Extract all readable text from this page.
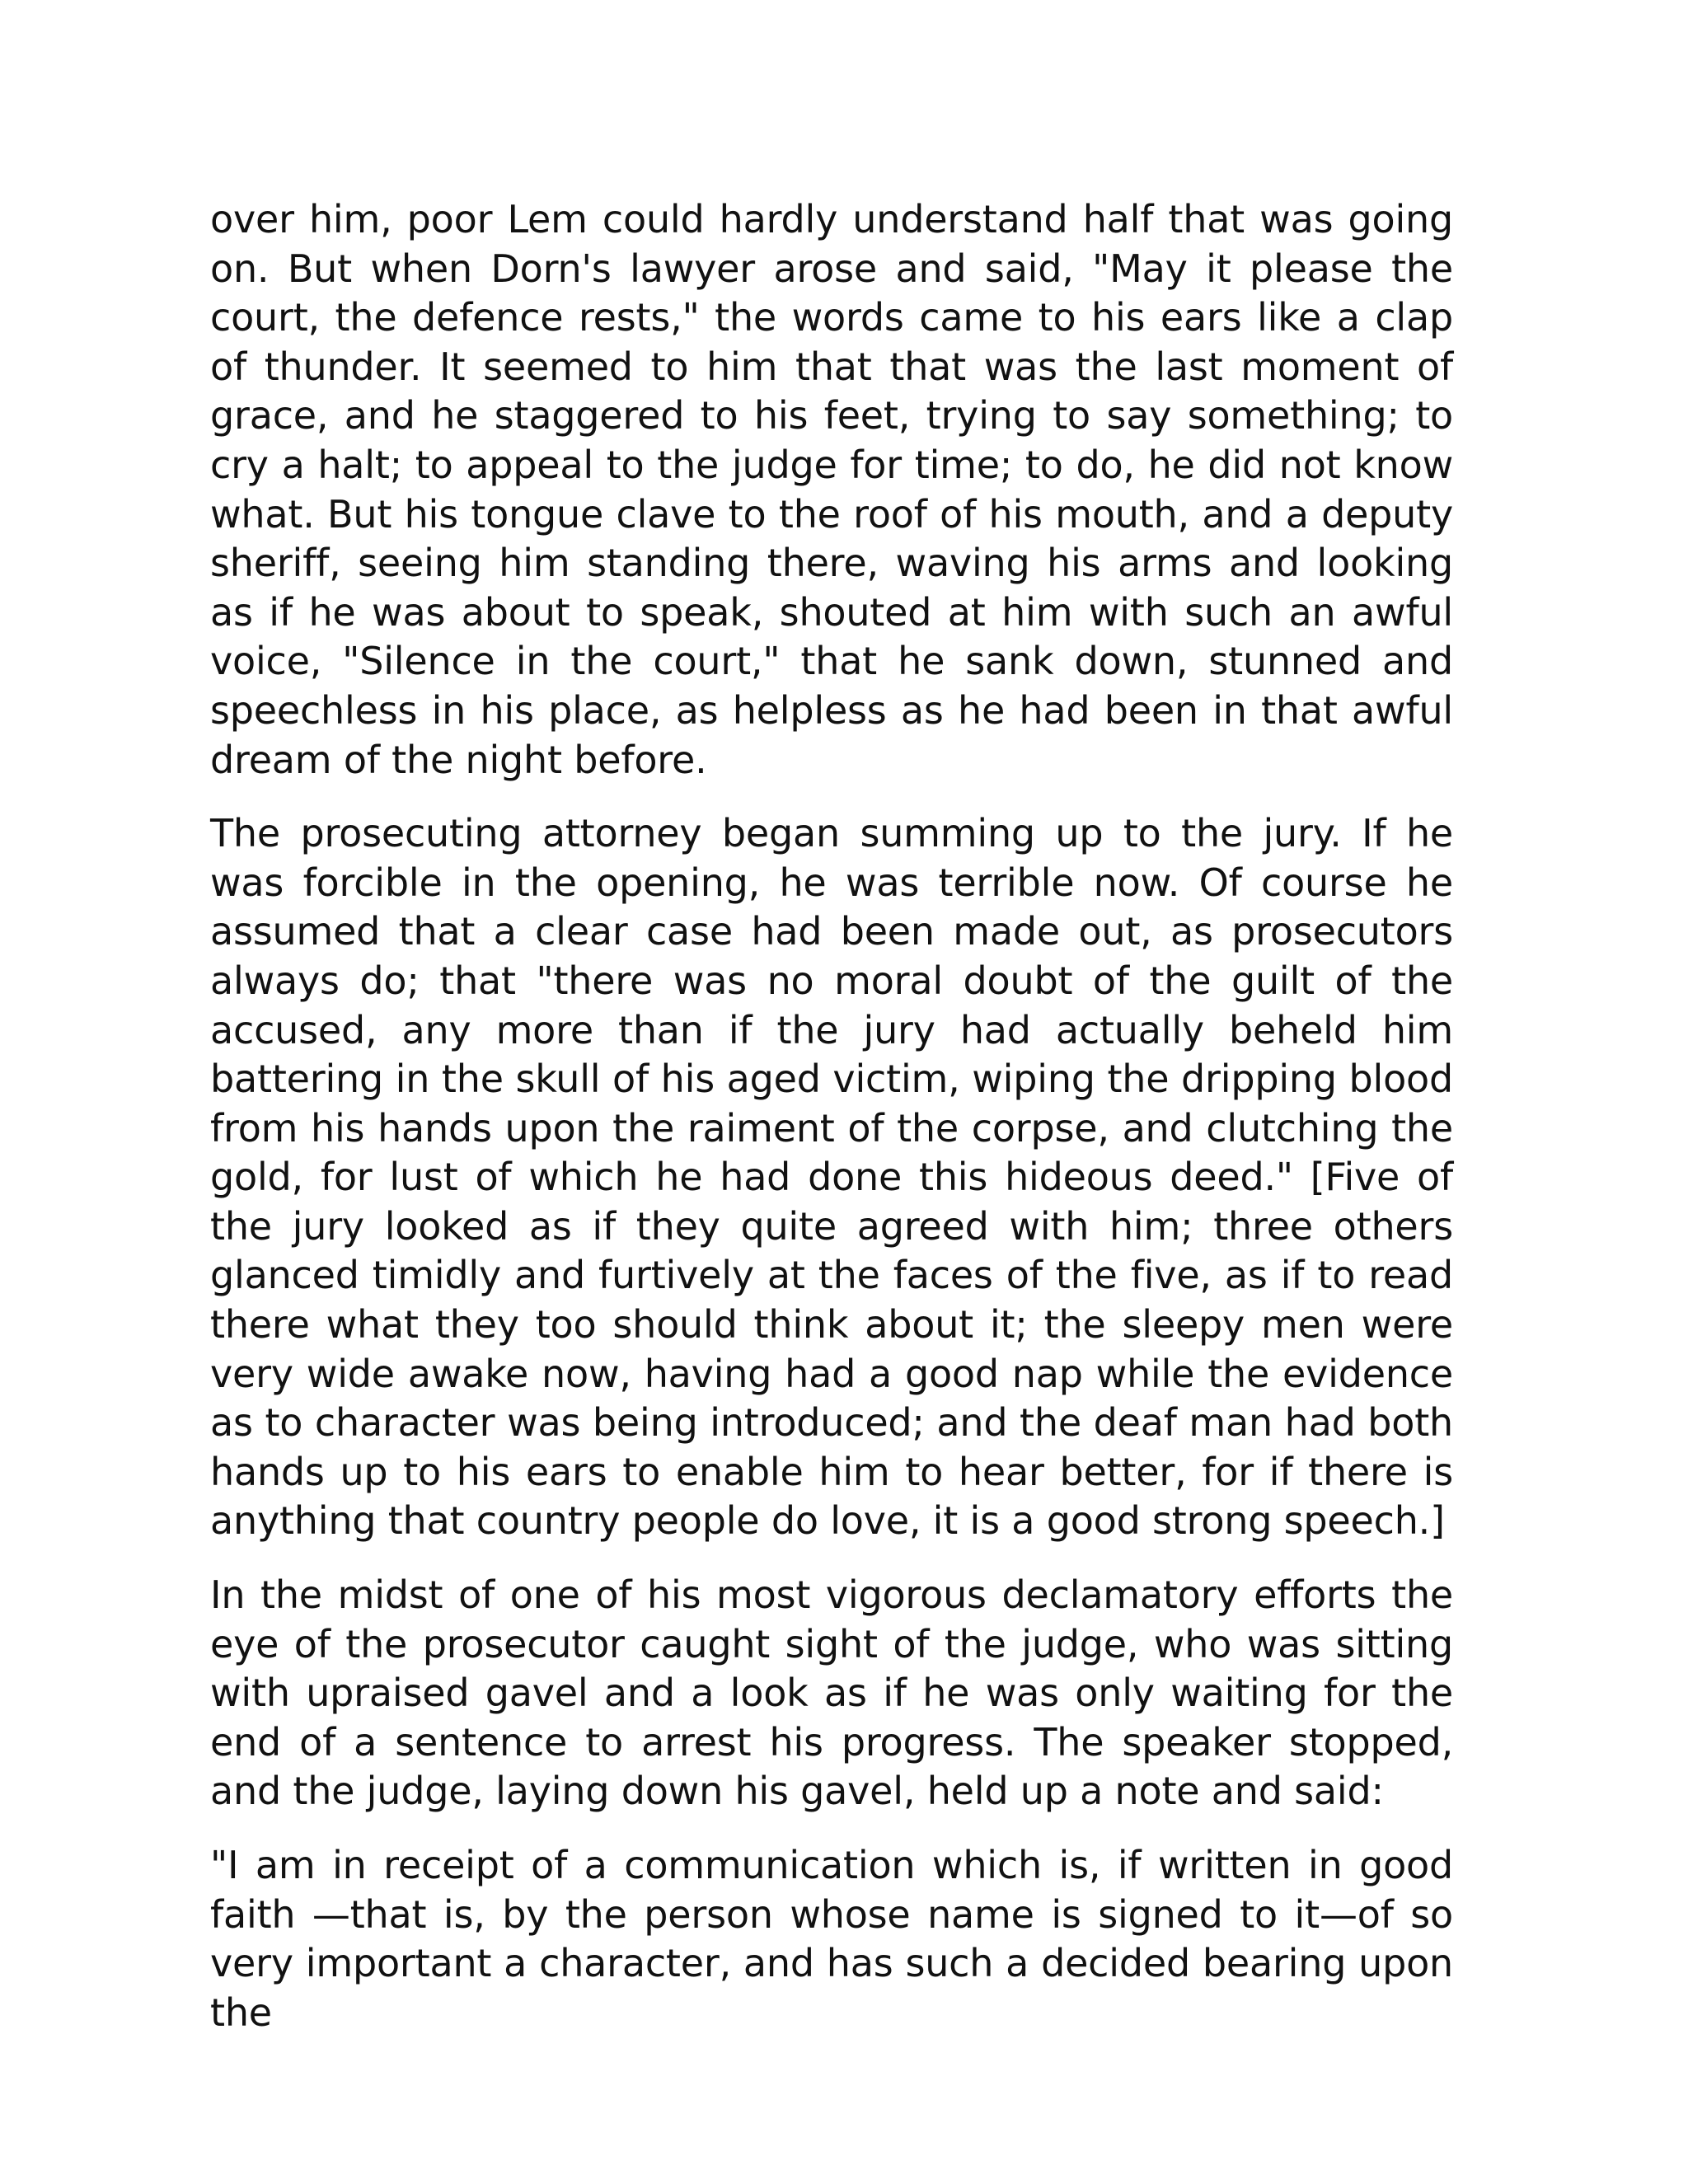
over him, poor Lem could hardly understand half that was going on. But when Dorn's lawyer arose and said, "May it please the court, the defence rests," the words came to his ears like a clap of thunder. It seemed to him that that was the last moment of grace, and he staggered to his feet, trying to say something; to cry a halt; to appeal to the judge for time; to do, he did not know what. But his tongue clave to the roof of his mouth, and a deputy sheriff, seeing him standing there, waving his arms and looking as if he was about to speak, shouted at him with such an awful voice, "Silence in the court," that he sank down, stunned and speechless in his place, as helpless as he had been in that awful dream of the night before.

The prosecuting attorney began summing up to the jury. If he was forcible in the opening, he was terrible now. Of course he assumed that a clear case had been made out, as prosecutors always do; that "there was no moral doubt of the guilt of the accused, any more than if the jury had actually beheld him battering in the skull of his aged victim, wiping the dripping blood from his hands upon the raiment of the corpse, and clutching the gold, for lust of which he had done this hideous deed." [Five of the jury looked as if they quite agreed with him; three others glanced timidly and furtively at the faces of the five, as if to read there what they too should think about it; the sleepy men were very wide awake now, having had a good nap while the evidence as to character was being introduced; and the deaf man had both hands up to his ears to enable him to hear better, for if there is anything that country people do love, it is a good strong speech.]

In the midst of one of his most vigorous declamatory efforts the eye of the prosecutor caught sight of the judge, who was sitting with upraised gavel and a look as if he was only waiting for the end of a sentence to arrest his progress. The speaker stopped, and the judge, laying down his gavel, held up a note and said:

"I am in receipt of a communication which is, if written in good faith —that is, by the person whose name is signed to it—of so very important a character, and has such a decided bearing upon the
